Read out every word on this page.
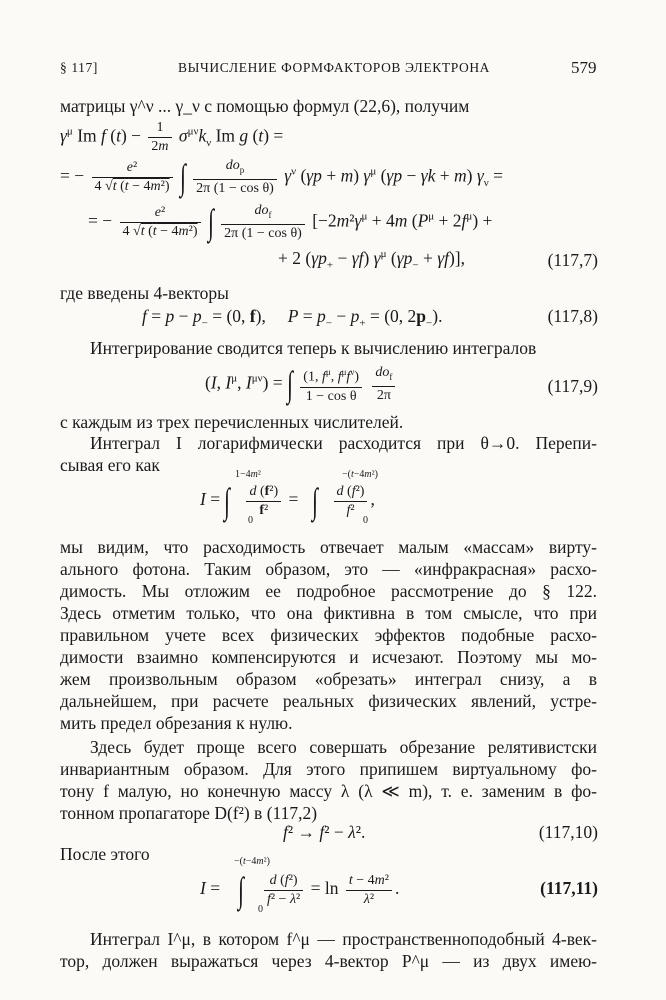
§ 117]	ВЫЧИСЛЕНИЕ ФОРМФАКТОРОВ ЭЛЕКТРОНА	579
матрицы γ^ν ... γ_ν с помощью формул (22,6), получим
$\gamma^\mu$ Im f $(t) - \frac{1}{2m} \sigma^{\mu\nu}k_\nu$ Im g (t) =
= − $\frac{\text{e²}}{\text{4 √t (t − 4m²)}}$ ∫ $\frac{do_p}{\text{2π (1 − cos θ)}} \gamma^\nu$ (γp + m) $\gamma^\mu$ (γp − γk + m) $\gamma_\nu$ =
= − $\frac{\text{e²}}{\text{4 √t (t − 4m²)}}$ ∫ $\frac{do_f}{\text{2π (1 − cos θ)}} [-2m^2\gamma^\mu + 4m$ $(P^\mu + 2f^\mu)$ +
+ 2 $(\gamma p_+ - \gamma f)$ $\gamma^\mu$ $(\gamma p_- + \gamma f)$],	(117,7)
где введены 4-векторы
$f = p - p_- = (0$, f),     $P = p_- - p_+ = (0$, $2p_-$).	(117,8)
Интегрирование сводится теперь к вычислению интегралов
(I, $I^\mu$, $I^{\mu\nu}$) = ∫ $\frac{(1, f^\mu, f^\mu f^\nu)}{\text{1 − cos θ}}$
$\frac{do_f}{2\pi}$	(117,9)
с каждым из трех перечисленных числителей.
Интеграл I логарифмически расходится при θ→0. Перепи-
сывая его как	1−4m²
0
−(t−4m²)
0
I = ∫ $\frac{\text{d (f²)}}{\text{f²}}$ =   ∫ $\frac{\text{d (f²)}}{\text{f²}}$ ,
мы видим, что расходимость отвечает малым «массам» вирту-
ального фотона. Таким образом, это — «инфракрасная» расхо-
димость. Мы отложим ее подробное рассмотрение до § 122.
Здесь отметим только, что она фиктивна в том смысле, что при
правильном учете всех физических эффектов подобные расхо-
димости взаимно компенсируются и исчезают. Поэтому мы мо-
жем произвольным образом «обрезать» интеграл снизу, а в
дальнейшем, при расчете реальных физических явлений, устре-
мить предел обрезания к нулю.
Здесь будет проще всего совершать обрезание релятивистски
инвариантным образом. Для этого припишем виртуальному фо-
тону f малую, но конечную массу λ (λ ≪ m), т. е. заменим в фо-
тонном пропагаторе D(f²) в (117,2)
f² → f² − λ².	(117,10)
После этого	−(t−4m²)
0
I =    ∫ $\frac{\text{d (f²)}}{\text{f² − λ²}} = \ln \frac{\text{t − 4m²}}{\text{λ²}}$ .	(117,11)
Интеграл I^μ, в котором f^μ — пространственноподобный 4-век-
тор, должен выражаться через 4-вектор P^μ — из двух имею-
